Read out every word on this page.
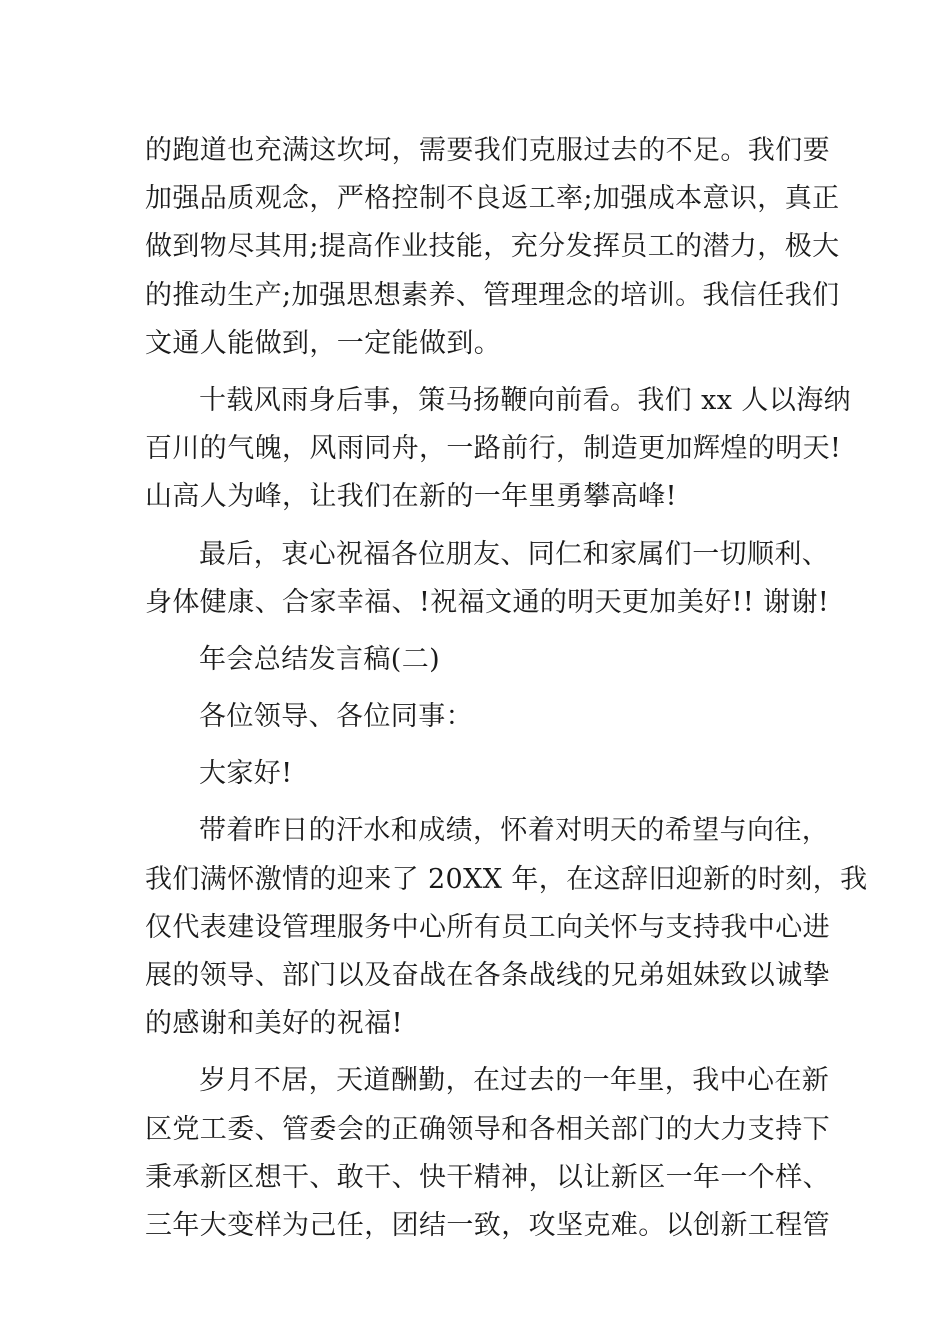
的跑道也充满这坎坷，需要我们克服过去的不足。我们要
加强品质观念，严格控制不良返工率;加强成本意识，真正
做到物尽其用;提高作业技能，充分发挥员工的潜力，极大
的推动生产;加强思想素养、管理理念的培训。我信任我们
文通人能做到，一定能做到。
十载风雨身后事，策马扬鞭向前看。我们 xx 人以海纳
百川的气魄，风雨同舟，一路前行，制造更加辉煌的明天!
山高人为峰，让我们在新的一年里勇攀高峰!
最后，衷心祝福各位朋友、同仁和家属们一切顺利、
身体健康、合家幸福、!祝福文通的明天更加美好!! 谢谢!
年会总结发言稿(二)
各位领导、各位同事：
大家好!
带着昨日的汗水和成绩，怀着对明天的希望与向往，
我们满怀激情的迎来了 20XX 年，在这辞旧迎新的时刻，我
仅代表建设管理服务中心所有员工向关怀与支持我中心进
展的领导、部门以及奋战在各条战线的兄弟姐妹致以诚挚
的感谢和美好的祝福!
岁月不居，天道酬勤，在过去的一年里，我中心在新
区党工委、管委会的正确领导和各相关部门的大力支持下
秉承新区想干、敢干、快干精神，以让新区一年一个样、
三年大变样为己任，团结一致，攻坚克难。以创新工程管
